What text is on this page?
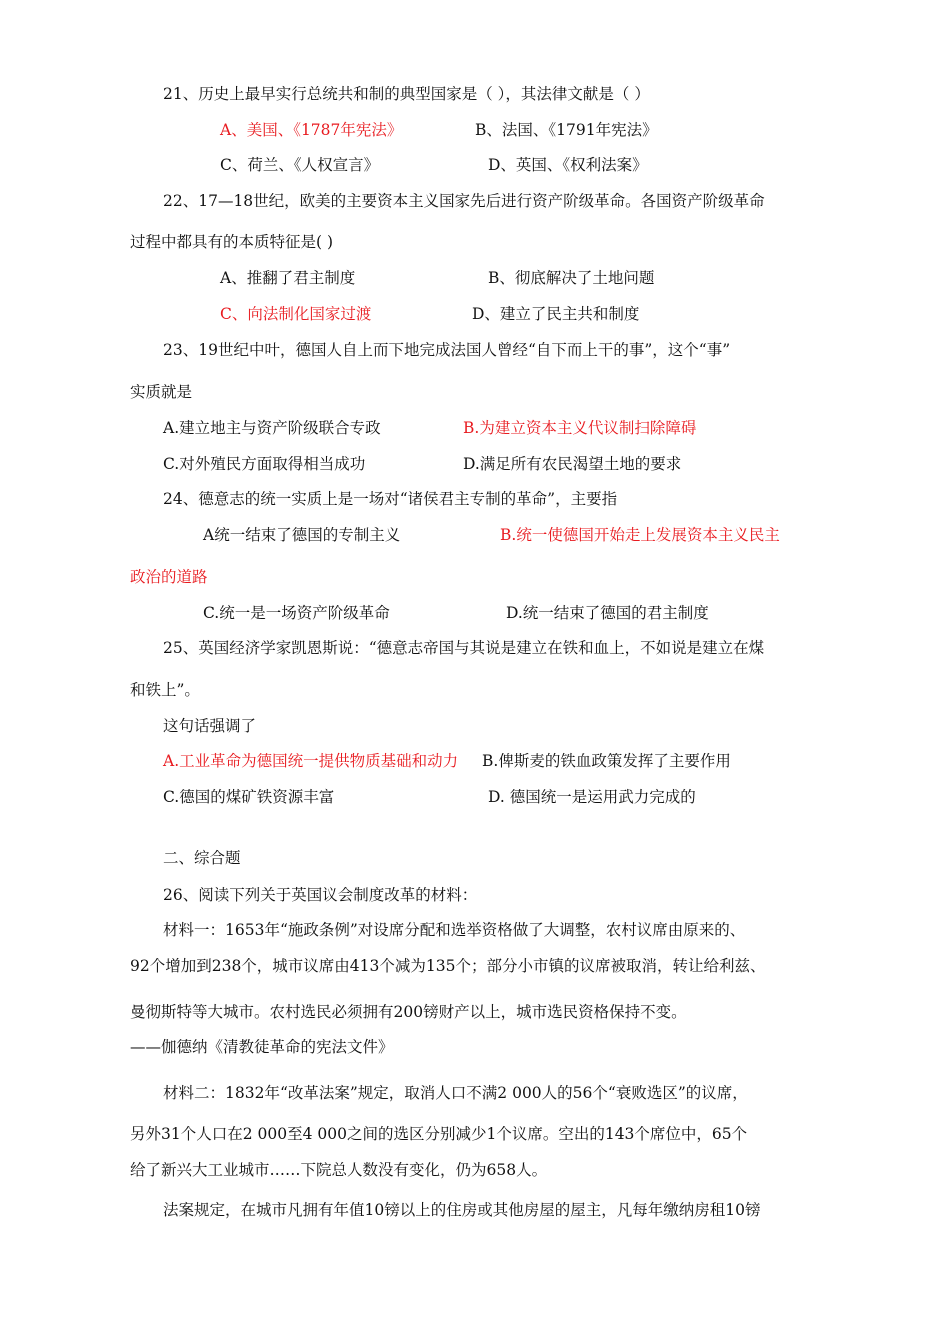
21、历史上最早实行总统共和制的典型国家是（ ），其法律文献是（ ）
A、美国、《1787年宪法》	B、法国、《1791年宪法》
C、荷兰、《人权宣言》	D、英国、《权利法案》
22、17—18世纪，欧美的主要资本主义国家先后进行资产阶级革命。各国资产阶级革命
过程中都具有的本质特征是( )
A、推翻了君主制度	B、彻底解决了土地问题
C、向法制化国家过渡	D、建立了民主共和制度
23、19世纪中叶，德国人自上而下地完成法国人曾经“自下而上干的事”，这个“事”
实质就是
A.建立地主与资产阶级联合专政	B.为建立资本主义代议制扫除障碍
C.对外殖民方面取得相当成功	D.满足所有农民渴望土地的要求
24、德意志的统一实质上是一场对“诸侯君主专制的革命”，主要指
A统一结束了德国的专制主义	B.统一使德国开始走上发展资本主义民主
政治的道路
C.统一是一场资产阶级革命	D.统一结束了德国的君主制度
25、英国经济学家凯恩斯说：“德意志帝国与其说是建立在铁和血上，不如说是建立在煤
和铁上”。
这句话强调了
A.工业革命为德国统一提供物质基础和动力 B.俾斯麦的铁血政策发挥了主要作用
C.德国的煤矿铁资源丰富	D. 德国统一是运用武力完成的
二、综合题
26、阅读下列关于英国议会制度改革的材料：
材料一：1653年“施政条例”对设席分配和选举资格做了大调整，农村议席由原来的、
92个增加到238个，城市议席由413个减为135个；部分小市镇的议席被取消，转让给利兹、
曼彻斯特等大城市。农村选民必须拥有200镑财产以上，城市选民资格保持不变。
——伽德纳《清教徒革命的宪法文件》
材料二：1832年“改革法案”规定，取消人口不满2 000人的56个“衰败选区”的议席，
另外31个人口在2 000至4 000之间的选区分别减少1个议席。空出的143个席位中，65个
给了新兴大工业城市……下院总人数没有变化，仍为658人。
法案规定，在城市凡拥有年值10镑以上的住房或其他房屋的屋主，凡每年缴纳房租10镑
